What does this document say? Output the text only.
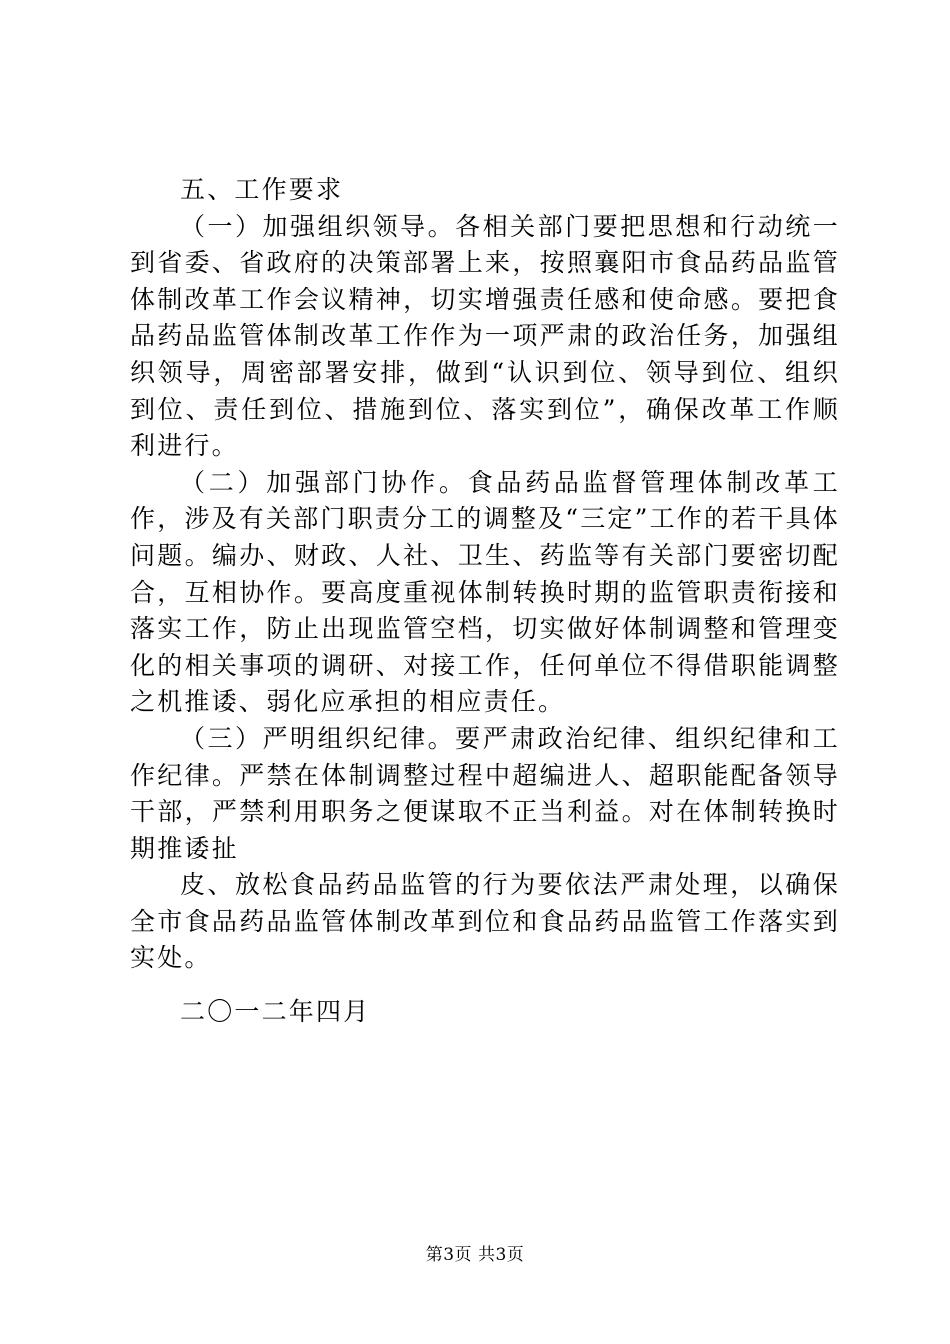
五、工作要求

（一）加强组织领导。各相关部门要把思想和行动统一到省委、省政府的决策部署上来，按照襄阳市食品药品监管体制改革工作会议精神，切实增强责任感和使命感。要把食品药品监管体制改革工作作为一项严肃的政治任务，加强组织领导，周密部署安排，做到“认识到位、领导到位、组织到位、责任到位、措施到位、落实到位”，确保改革工作顺利进行。

（二）加强部门协作。食品药品监督管理体制改革工作，涉及有关部门职责分工的调整及“三定”工作的若干具体问题。编办、财政、人社、卫生、药监等有关部门要密切配合，互相协作。要高度重视体制转换时期的监管职责衔接和落实工作，防止出现监管空档，切实做好体制调整和管理变化的相关事项的调研、对接工作，任何单位不得借职能调整之机推诿、弱化应承担的相应责任。

（三）严明组织纪律。要严肃政治纪律、组织纪律和工作纪律。严禁在体制调整过程中超编进人、超职能配备领导干部，严禁利用职务之便谋取不正当利益。对在体制转换时期推诿扯

皮、放松食品药品监管的行为要依法严肃处理，以确保全市食品药品监管体制改革到位和食品药品监管工作落实到实处。

二〇一二年四月

第3页 共3页
